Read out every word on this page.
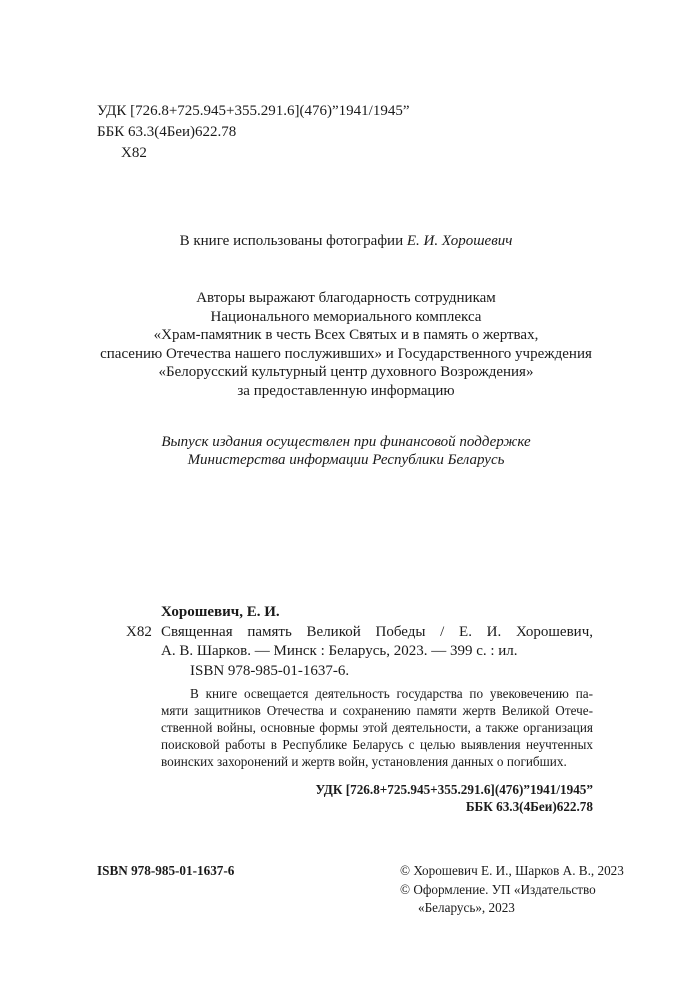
УДК [726.8+725.945+355.291.6](476)”1941/1945”
ББК 63.3(4Беи)622.78
Х82
В книге использованы фотографии Е. И. Хорошевич
Авторы выражают благодарность сотрудникам
Национального мемориального комплекса
«Храм-памятник в честь Всех Святых и в память о жертвах,
спасению Отечества нашего послуживших» и Государственного учреждения
«Белорусский культурный центр духовного Возрождения»
за предоставленную информацию
Выпуск издания осуществлен при финансовой поддержке
Министерства информации Республики Беларусь
Хорошевич, Е. И.
Х82 Священная память Великой Победы / Е. И. Хорошевич,
А. В. Шарков. — Минск : Беларусь, 2023. — 399 с. : ил.
ISBN 978-985-01-1637-6.
В книге освещается деятельность государства по увековечению па-
мяти защитников Отечества и сохранению памяти жертв Великой Отече-
ственной войны, основные формы этой деятельности, а также организация
поисковой работы в Республике Беларусь с целью выявления неучтенных
воинских захоронений и жертв войн, установления данных о погибших.
УДК [726.8+725.945+355.291.6](476)”1941/1945”
ББК 63.3(4Беи)622.78
ISBN 978-985-01-1637-6	© Хорошевич Е. И., Шарков А. В., 2023
© Оформление. УП «Издательство
«Беларусь», 2023
